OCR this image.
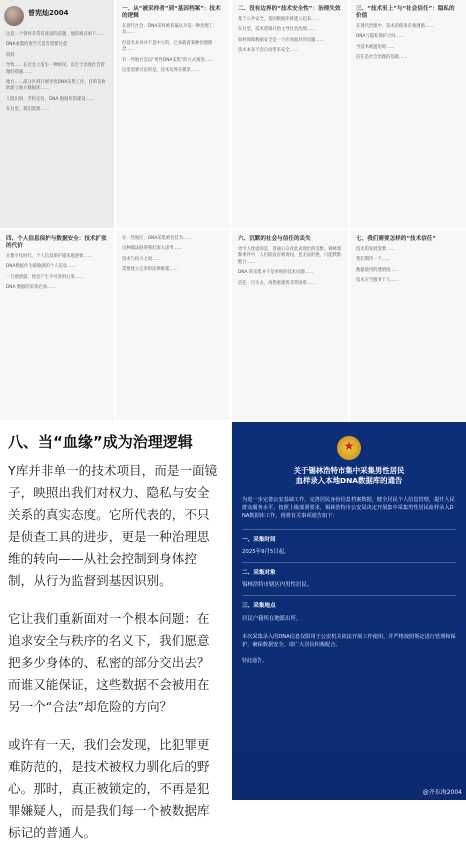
曾宪灿2004
这是一个曾经非常有意思的话题，他的观点如下……
DNA血脂检查当天是否需要注意
资料
导致……在社会上发生一种情况，以至于出现社会管理的措施……
地方……部分区域开展男性DNA采集工作，目的是协助建立地方数据库……
人脸识别、手机定位、DNA 数据库的建设……
在这里，我们需要……
一、从“被采样者”到“基因档案”：技术的逻辑
在现代社会，DNA采样被普遍认为是一种治理工具……
但技术本身并不是中立的，它承载着某种治理理念……
有一些地方会以“男性DNA采集”的方式推进……
这里需要讨论的是，技术边界在哪里……
二、没有边界的“技术安全性”：治理失效
基于公共安全，基因数据库被建立起来……
在这里，技术逻辑开始主导社会治理……
如何保障数据安全是一个必须面对的问题……
技术本身不会自动带来安全……
三、“技术至上”与“社会信任”：隐私的价值
在现代治理中，技术的使用必须遵循……
DNA与隐私保护之间……
当技术被滥用时……
信任是社会治理的基础……
四、个人信息保护与数据安全：技术扩张的代价
在数字化时代，个人信息保护越来越重要……
DNA数据作为最敏感的个人信息……
一旦被泄露，将会产生不可逆的后果……
DNA 数据的采集必须……
在一些地区，DNA采集被包装为……
这种做法值得我们深入思考……
技术与权力之间……
需要建立完善的法律框架……
六、沉默的社会与信任的丢失
更令人忧虑的是，普通公众对此表现出的沉默。锡林郭勒事件中，人们既没有被询问，也无法拒绝，只能默默配合……
DNA 的采集并不是单纯的技术问题……
信任一旦失去，再想重建将非常困难……
七、我们需要怎样的“技术信任”
技术的发展需要……
我们期待一个……
数据使用的透明度……
技术应当服务于人……
八、当“血缘”成为治理逻辑
Y库并非单一的技术项目，而是一面镜子，映照出我们对权力、隐私与安全关系的真实态度。它所代表的，不只是侦查工具的进步，更是一种治理思维的转向——从社会控制到身体控制，从行为监督到基因识别。
它让我们重新面对一个根本问题：在追求安全与秩序的名义下，我们愿意把多少身体的、私密的部分交出去？而谁又能保证，这些数据不会被用在另一个“合法”却危险的方向？
或许有一天，我们会发现，比犯罪更难防范的，是技术被权力驯化后的野心。那时，真正被锁定的，不再是犯罪嫌疑人，而是我们每一个被数据库标记的普通人。
★
关于锡林浩特市集中采集男性居民
血样录入本地DNA数据库的通告
为进一步完善公安基础工作，完善居民身份信息档案数据，健全居民个人信息管理，提升人民群众服务水平，按照上级部署要求，锡林浩特市公安局决定开展集中采集男性居民血样录入DNA数据库工作。现将有关事项通告如下：
一、采集时间
2025年9月5日起。
二、采集对象
锡林浩特市辖区内男性居民。
三、采集地点
居民户籍所在地派出所。
本次采集录入的DNA信息仅限用于公安机关依法开展工作使用，并严格按照规定进行管理和保护，确保数据安全。请广大居民积极配合。
特此通告。
@齐东海2004
